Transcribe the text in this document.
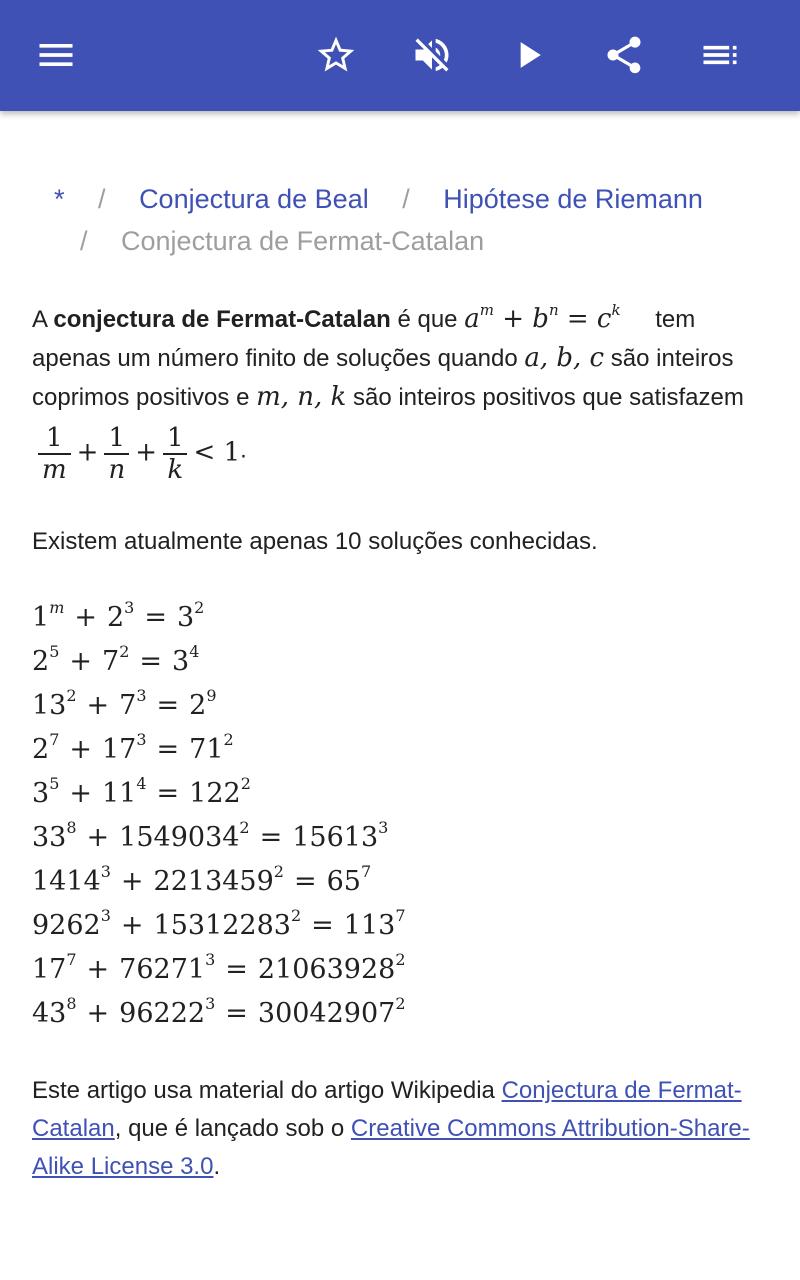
* / Conjectura de Beal / Hipótese de Riemann
/ Conjectura de Fermat-Catalan

A conjectura de Fermat-Catalan é que $a^m + b^n = c^k$ tem apenas um número finito de soluções quando a, b, c são inteiros coprimos positivos e m, n, k são inteiros positivos que satisfazem
$\frac{1}{m} + \frac{1}{n} + \frac{1}{k} < 1$.

Existem atualmente apenas 10 soluções conhecidas.

$1^m + 2^3 = 3^2$
$2^5 + 7^2 = 3^4$
$13^2 + 7^3 = 2^9$
$2^7 + 17^3 = 71^2$
$3^5 + 11^4 = 122^2$
$33^8 + 1549034^2 = 15613^3$
$1414^3 + 2213459^2 = 65^7$
$9262^3 + 15312283^2 = 113^7$
$17^7 + 76271^3 = 21063928^2$
$43^8 + 96222^3 = 30042907^2$
Este artigo usa material do artigo Wikipedia Conjectura de Fermat-Catalan, que é lançado sob o Creative Commons Attribution-Share-Alike License 3.0.
